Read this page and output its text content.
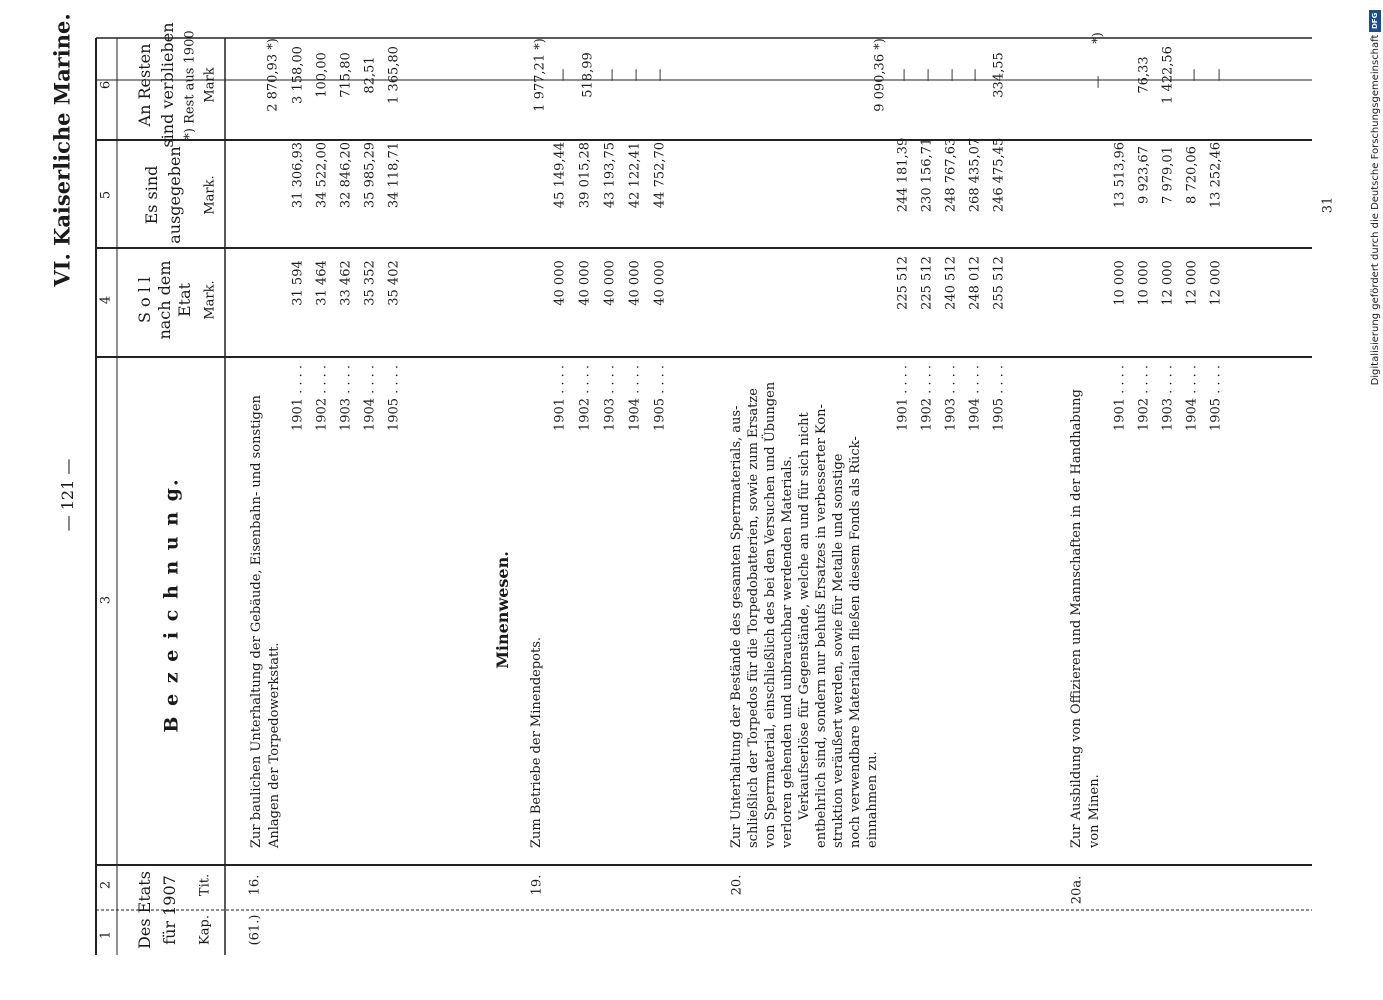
VI. Kaiserliche Marine.
— 121 —
31
1
2
3
4
5
6
Des Etats für 1907 Kap.
Tit.
B e z e i c h n u n g.
S o l l nach dem Etat Mark.
Es sind ausgegeben Mark.
An Resten sind verblieben *) Rest aus 1900 Mark
(61.)
16.
Zur baulichen Unterhaltung der Gebäude, Eisenbahn- und sonstigen Anlagen der Torpedowerkstatt.
2 870,93 *)
1901 . . . .
31 594
31 306,93
3 158,00
1902 . . . .
31 464
34 522,00
100,00
1903 . . . .
33 462
32 846,20
715,80
1904 . . . .
35 352
35 985,29
82,51
1905 . . . .
35 402
34 118,71
1 365,80
Minenwesen.
19.
Zum Betriebe der Minendepots.
1 977,21 *)
1901 . . . .
40 000
45 149,44
—
1902 . . . .
40 000
39 015,28
518,99
1903 . . . .
40 000
43 193,75
—
1904 . . . .
40 000
42 122,41
—
1905 . . . .
40 000
44 752,70
—
20.
Zur Unterhaltung der Bestände des gesamten Sperrmaterials, aus- schließlich der Torpedos für die Torpedobatterien, sowie zum Ersatze von Sperrmaterial, einschließlich des bei den Versuchen und Übungen verloren gehenden und unbrauchbar werdenden Materials. Verkaufserlöse für Gegenstände, welche an und für sich nicht entbehrlich sind, sondern nur behufs Ersatzes in verbesserter Kon- struktion veräußert werden, sowie für Metalle und sonstige noch verwendbare Materialien fließen diesem Fonds als Rück- einnahmen zu.
9 090,36 *)
1901 . . . .
225 512
244 181,39
—
1902 . . . .
225 512
230 156,71
—
1903 . . . .
240 512
248 767,63
—
1904 . . . .
248 012
268 435,07
—
1905 . . . .
255 512
246 475,45
334,55
20a.
Zur Ausbildung von Offizieren und Mannschaften in der Handhabung von Minen.
*)
1901 . . . .
10 000
13 513,96
—
1902 . . . .
10 000
9 923,67
76,33
1903 . . . .
12 000
7 979,01
1 422,56
1904 . . . .
12 000
8 720,06
—
1905 . . . .
12 000
13 252,46
—	Digitalisierung gefördert durch die Deutsche Forschungsgemeinschaft
DFG
